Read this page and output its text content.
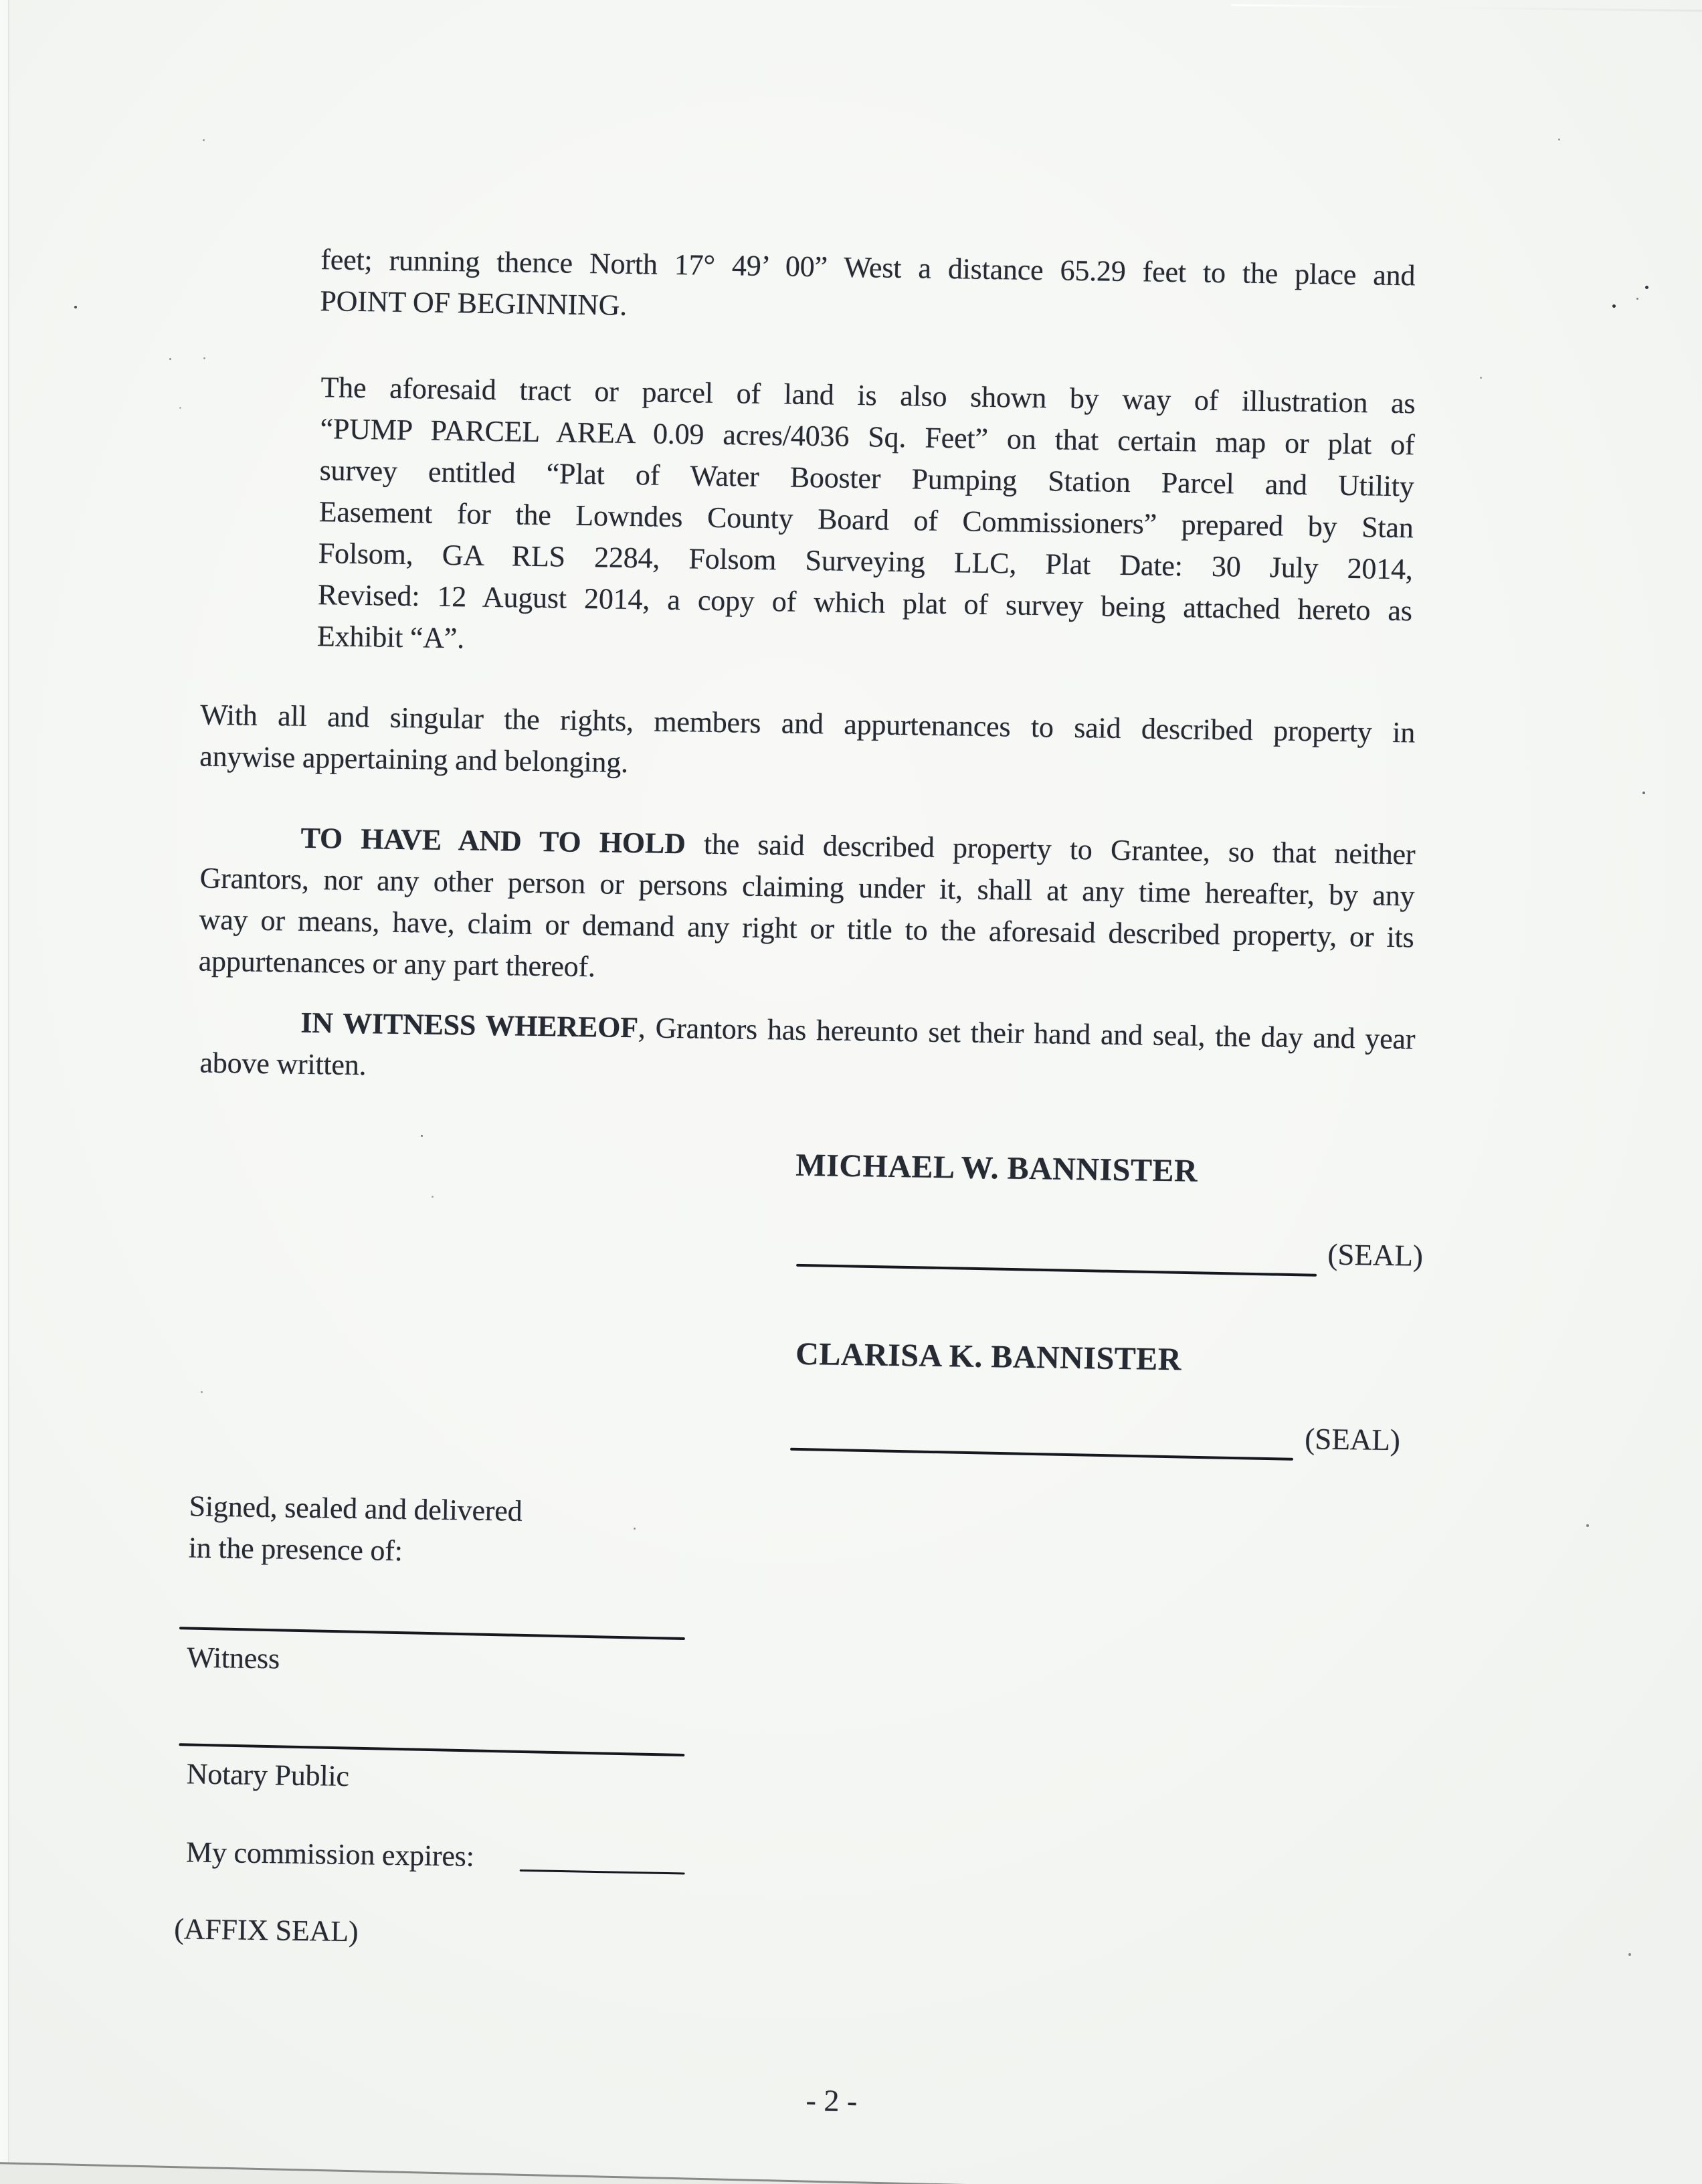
feet; running thence North 17° 49’ 00” West a distance 65.29 feet to the place and
POINT OF BEGINNING.
The aforesaid tract or parcel of land is also shown by way of illustration as
“PUMP PARCEL AREA 0.09 acres/4036 Sq. Feet” on that certain map or plat of
survey entitled “Plat of Water Booster Pumping Station Parcel and Utility
Easement for the Lowndes County Board of Commissioners” prepared by Stan
Folsom, GA RLS 2284, Folsom Surveying LLC, Plat Date: 30 July 2014,
Revised: 12 August 2014, a copy of which plat of survey being attached hereto as
Exhibit “A”.
With all and singular the rights, members and appurtenances to said described property in
anywise appertaining and belonging.
TO HAVE AND TO HOLD the said described property to Grantee, so that neither
Grantors, nor any other person or persons claiming under it, shall at any time hereafter, by any
way or means, have, claim or demand any right or title to the aforesaid described property, or its
appurtenances or any part thereof.
IN WITNESS WHEREOF, Grantors has hereunto set their hand and seal, the day and year
above written.
MICHAEL W. BANNISTER
(SEAL)
CLARISA K. BANNISTER
(SEAL)
Signed, sealed and delivered
in the presence of:
Witness
Notary Public
My commission expires:
(AFFIX SEAL)
- 2 -
